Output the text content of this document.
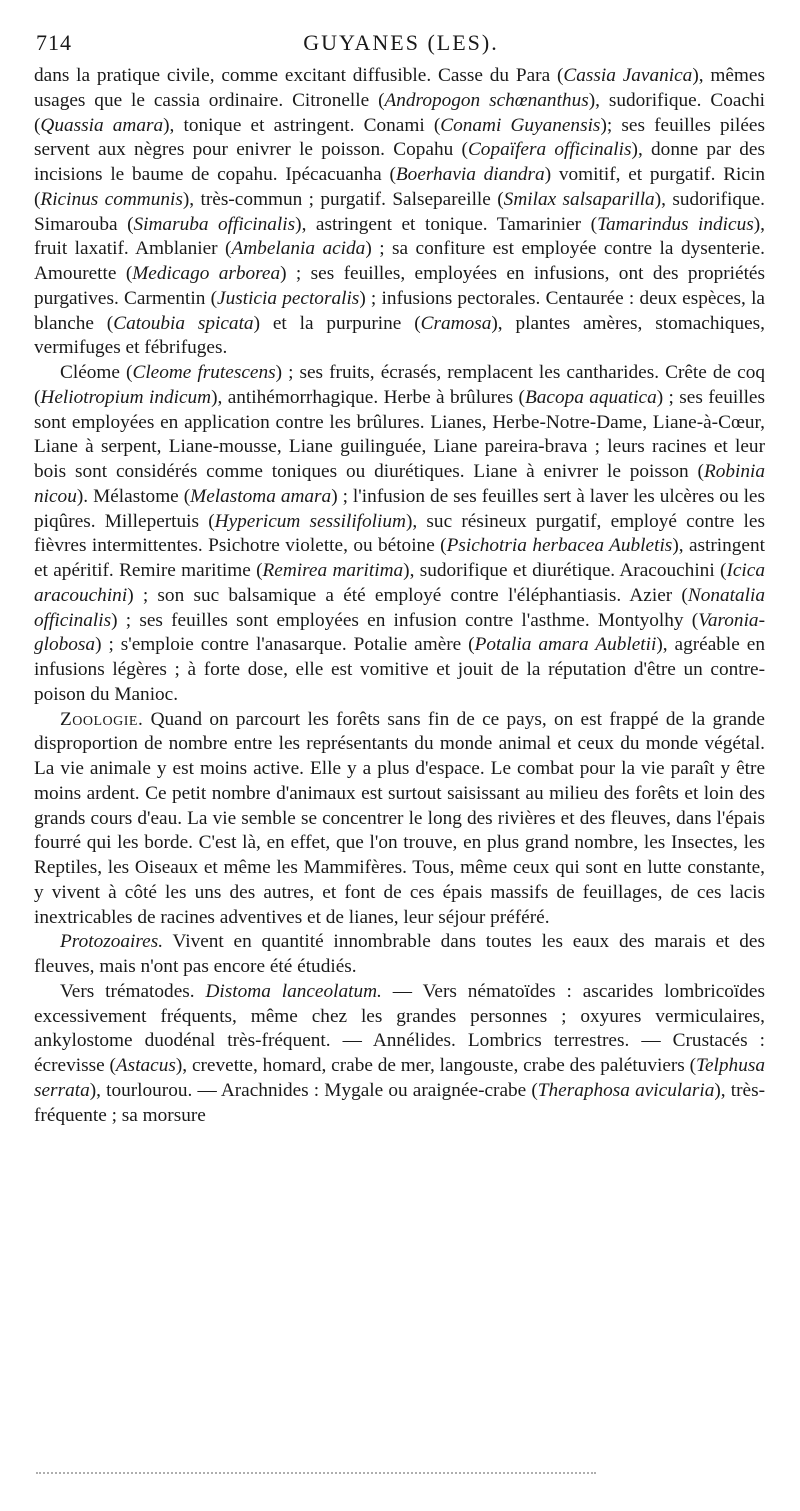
714	GUYANES (LES).

dans la pratique civile, comme excitant diffusible. Casse du Para (Cassia Javanica), mêmes usages que le cassia ordinaire. Citronelle (Andropogon schœnanthus), sudorifique. Coachi (Quassia amara), tonique et astringent. Conami (Conami Guyanensis); ses feuilles pilées servent aux nègres pour enivrer le poisson. Copahu (Copaïfera officinalis), donne par des incisions le baume de copahu. Ipécacuanha (Boerhavia diandra) vomitif, et purgatif. Ricin (Ricinus communis), très-commun ; purgatif. Salsepareille (Smilax salsaparilla), sudorifique. Simarouba (Simaruba officinalis), astringent et tonique. Tamarinier (Tamarindus indicus), fruit laxatif. Amblanier (Ambelania acida) ; sa confiture est employée contre la dysenterie. Amourette (Medicago arborea) ; ses feuilles, employées en infusions, ont des propriétés purgatives. Carmentin (Justicia pectoralis) ; infusions pectorales. Centaurée : deux espèces, la blanche (Catoubia spicata) et la purpurine (Cramosa), plantes amères, stomachiques, vermifuges et fébrifuges.

Cléome (Cleome frutescens) ; ses fruits, écrasés, remplacent les cantharides. Crête de coq (Heliotropium indicum), antihémorrhagique. Herbe à brûlures (Bacopa aquatica) ; ses feuilles sont employées en application contre les brûlures. Lianes, Herbe-Notre-Dame, Liane-à-Cœur, Liane à serpent, Liane-mousse, Liane guilinguée, Liane pareira-brava ; leurs racines et leur bois sont considérés comme toniques ou diurétiques. Liane à enivrer le poisson (Robinia nicou). Mélastome (Melastoma amara) ; l'infusion de ses feuilles sert à laver les ulcères ou les piqûres. Millepertuis (Hypericum sessilifolium), suc résineux purgatif, employé contre les fièvres intermittentes. Psichotre violette, ou bétoine (Psichotria herbacea Aubletis), astringent et apéritif. Remire maritime (Remirea maritima), sudorifique et diurétique. Aracouchini (Icica aracouchini) ; son suc balsamique a été employé contre l'éléphantiasis. Azier (Nonatalia officinalis) ; ses feuilles sont employées en infusion contre l'asthme. Montyolhy (Varonia-globosa) ; s'emploie contre l'anasarque. Potalie amère (Potalia amara Aubletii), agréable en infusions légères ; à forte dose, elle est vomitive et jouit de la réputation d'être un contre-poison du Manioc.

Zoologie. Quand on parcourt les forêts sans fin de ce pays, on est frappé de la grande disproportion de nombre entre les représentants du monde animal et ceux du monde végétal. La vie animale y est moins active. Elle y a plus d'espace. Le combat pour la vie paraît y être moins ardent. Ce petit nombre d'animaux est surtout saisissant au milieu des forêts et loin des grands cours d'eau. La vie semble se concentrer le long des rivières et des fleuves, dans l'épais fourré qui les borde. C'est là, en effet, que l'on trouve, en plus grand nombre, les Insectes, les Reptiles, les Oiseaux et même les Mammifères. Tous, même ceux qui sont en lutte constante, y vivent à côté les uns des autres, et font de ces épais massifs de feuillages, de ces lacis inextricables de racines adventives et de lianes, leur séjour préféré.

Protozoaires. Vivent en quantité innombrable dans toutes les eaux des marais et des fleuves, mais n'ont pas encore été étudiés.

Vers trématodes. Distoma lanceolatum. — Vers nématoïdes : ascarides lombricoïdes excessivement fréquents, même chez les grandes personnes ; oxyures vermiculaires, ankylostome duodénal très-fréquent. — Annélides. Lombrics terrestres. — Crustacés : écrevisse (Astacus), crevette, homard, crabe de mer, langouste, crabe des palétuviers (Telphusa serrata), tourlourou. — Arachnides : Mygale ou araignée-crabe (Theraphosa avicularia), très-fréquente ; sa morsure
